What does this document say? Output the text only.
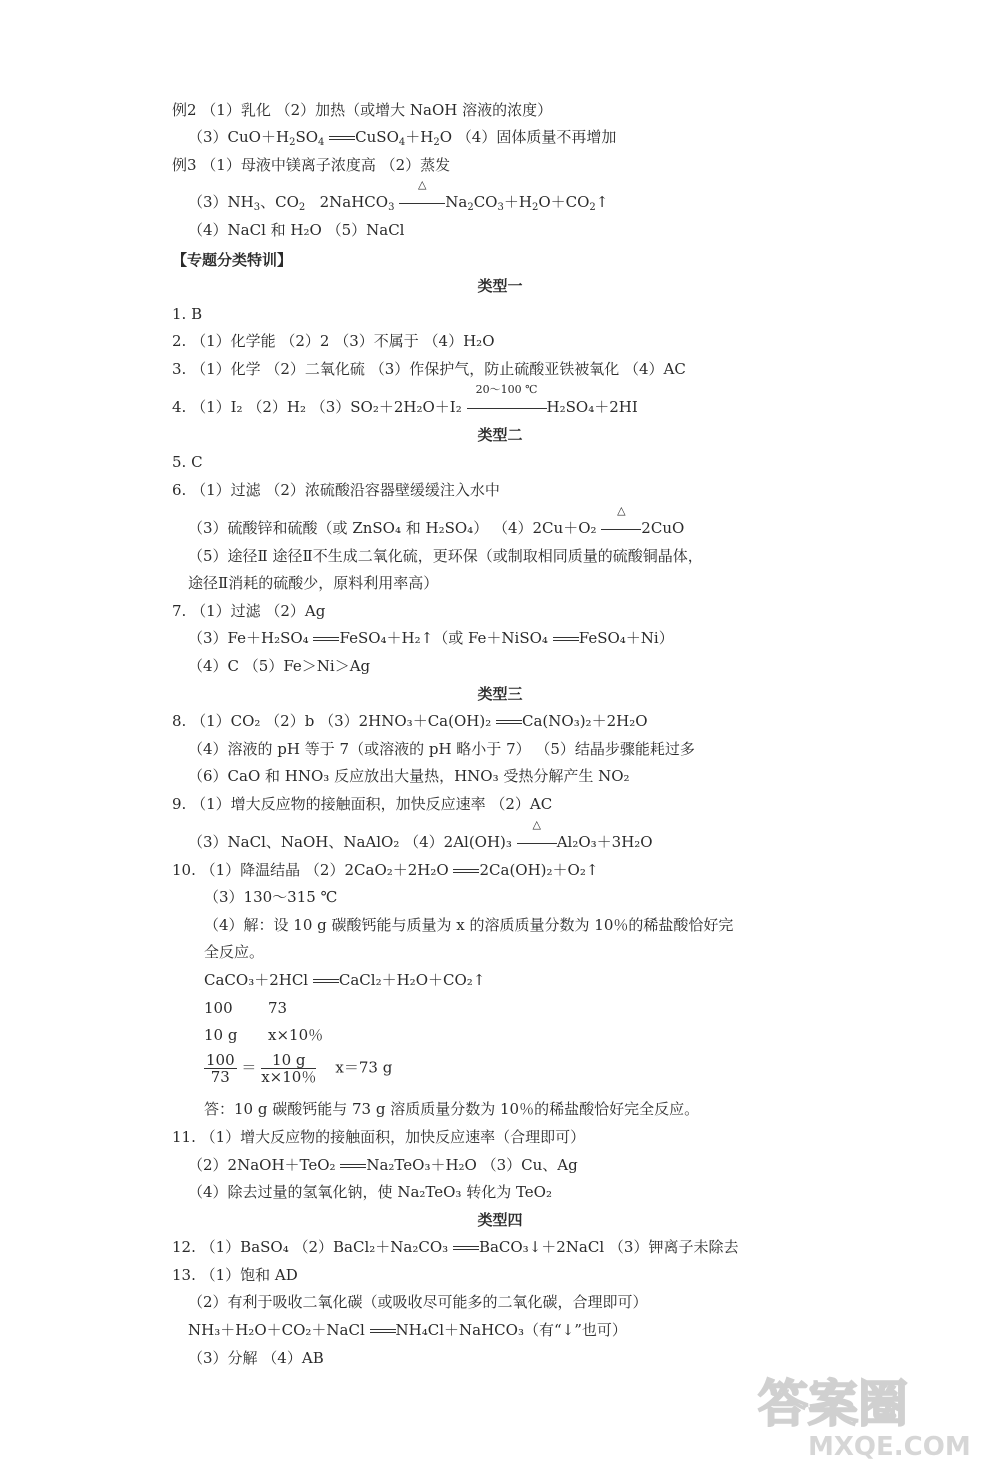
例2 （1）乳化 （2）加热（或增大 NaOH 溶液的浓度）
$(3)CuO+H_2SO_4$ $CuSO_4+H_2O$ （4）固体质量不再增加
例3 （1）母液中镁离子浓度高 （2）蒸发
$(3)NH_3$、$CO_2$   2NaHCO$_3$
△
$Na_2CO_3+H_2O+CO_2↑$
（4）NaCl 和 H₂O （5）NaCl
【专题分类特训】
类型一
1. B
2. （1）化学能 （2）2 （3）不属于 （4）H₂O
3. （1）化学 （2）二氧化硫 （3）作保护气，防止硫酸亚铁被氧化 （4）AC
4. （1）I₂ （2）H₂ （3）SO₂＋2H₂O＋I₂
20～100 ℃
H₂SO₄＋2HI
类型二
5. C
6. （1）过滤 （2）浓硫酸沿容器壁缓缓注入水中
（3）硫酸锌和硫酸（或 ZnSO₄ 和 H₂SO₄） （4）2Cu＋O₂
△
2CuO
（5）途径Ⅱ 途径Ⅱ不生成二氧化硫，更环保（或制取相同质量的硫酸铜晶体，
途径Ⅱ消耗的硫酸少，原料利用率高）
7. （1）过滤 （2）Ag
（3）Fe＋H₂SO₄ FeSO₄＋H₂↑（或 Fe＋NiSO₄ FeSO₄＋Ni）
（4）C （5）Fe＞Ni＞Ag
类型三
8. （1）CO₂ （2）b （3）2HNO₃＋Ca(OH)₂ Ca(NO₃)₂＋2H₂O
（4）溶液的 pH 等于 7（或溶液的 pH 略小于 7） （5）结晶步骤能耗过多
（6）CaO 和 HNO₃ 反应放出大量热，HNO₃ 受热分解产生 NO₂
9. （1）增大反应物的接触面积，加快反应速率 （2）AC
（3）NaCl、NaOH、NaAlO₂ （4）2Al(OH)₃
△
Al₂O₃＋3H₂O
10. （1）降温结晶 （2）2CaO₂＋2H₂O 2Ca(OH)₂＋O₂↑
（3）130～315 ℃
（4）解：设 10 g 碳酸钙能与质量为 x 的溶质质量分数为 10％的稀盐酸恰好完
全反应。
CaCO₃＋2HCl CaCl₂＋H₂O＋CO₂↑
100 73
10 g x×10％
$\frac{100}{73} = \frac{10 g}{x\times 10\%} x=73$ g
答：10 g 碳酸钙能与 73 g 溶质质量分数为 10％的稀盐酸恰好完全反应。
11. （1）增大反应物的接触面积，加快反应速率（合理即可）
（2）2NaOH＋TeO₂ Na₂TeO₃＋H₂O （3）Cu、Ag
（4）除去过量的氢氧化钠，使 Na₂TeO₃ 转化为 TeO₂
类型四
12. （1）BaSO₄ （2）BaCl₂＋Na₂CO₃ BaCO₃↓＋2NaCl （3）钾离子未除去
13. （1）饱和 AD
（2）有利于吸收二氧化碳（或吸收尽可能多的二氧化碳，合理即可）
NH₃＋H₂O＋CO₂＋NaCl NH₄Cl＋NaHCO₃（有“↓”也可）
（3）分解 （4）AB
答案圈
MXQE.COM
